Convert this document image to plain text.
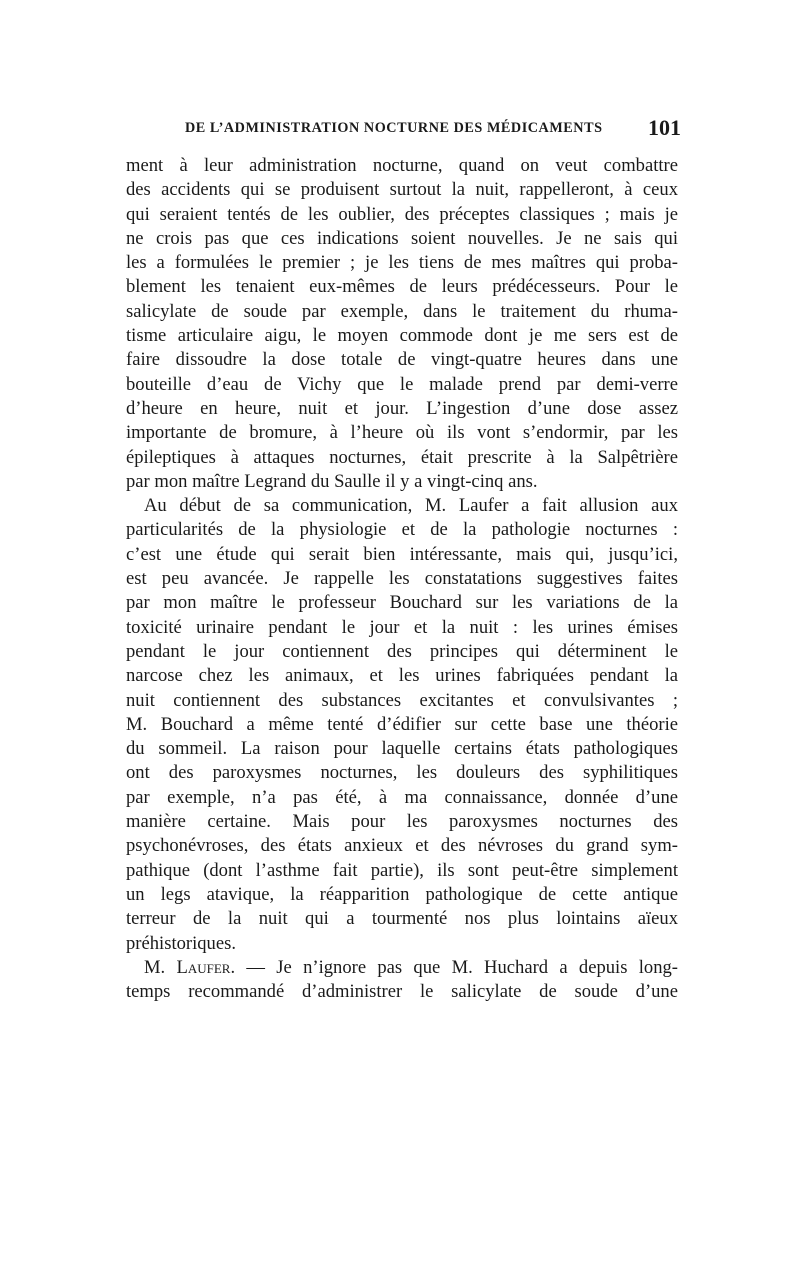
DE L’ADMINISTRATION NOCTURNE DES MÉDICAMENTS 101
ment à leur administration nocturne, quand on veut combattre
des accidents qui se produisent surtout la nuit, rappelleront, à ceux
qui seraient tentés de les oublier, des préceptes classiques ; mais je
ne crois pas que ces indications soient nouvelles. Je ne sais qui
les a formulées le premier ; je les tiens de mes maîtres qui proba-
blement les tenaient eux-mêmes de leurs prédécesseurs. Pour le
salicylate de soude par exemple, dans le traitement du rhuma-
tisme articulaire aigu, le moyen commode dont je me sers est de
faire dissoudre la dose totale de vingt-quatre heures dans une
bouteille d’eau de Vichy que le malade prend par demi-verre
d’heure en heure, nuit et jour. L’ingestion d’une dose assez
importante de bromure, à l’heure où ils vont s’endormir, par les
épileptiques à attaques nocturnes, était prescrite à la Salpêtrière
par mon maître Legrand du Saulle il y a vingt-cinq ans.
Au début de sa communication, M. Laufer a fait allusion aux
particularités de la physiologie et de la pathologie nocturnes :
c’est une étude qui serait bien intéressante, mais qui, jusqu’ici,
est peu avancée. Je rappelle les constatations suggestives faites
par mon maître le professeur Bouchard sur les variations de la
toxicité urinaire pendant le jour et la nuit : les urines émises
pendant le jour contiennent des principes qui déterminent le
narcose chez les animaux, et les urines fabriquées pendant la
nuit contiennent des substances excitantes et convulsivantes ;
M. Bouchard a même tenté d’édifier sur cette base une théorie
du sommeil. La raison pour laquelle certains états pathologiques
ont des paroxysmes nocturnes, les douleurs des syphilitiques
par exemple, n’a pas été, à ma connaissance, donnée d’une
manière certaine. Mais pour les paroxysmes nocturnes des
psychonévroses, des états anxieux et des névroses du grand sym-
pathique (dont l’asthme fait partie), ils sont peut-être simplement
un legs atavique, la réapparition pathologique de cette antique
terreur de la nuit qui a tourmenté nos plus lointains aïeux
préhistoriques.
M. Laufer. — Je n’ignore pas que M. Huchard a depuis long-
temps recommandé d’administrer le salicylate de soude d’une
